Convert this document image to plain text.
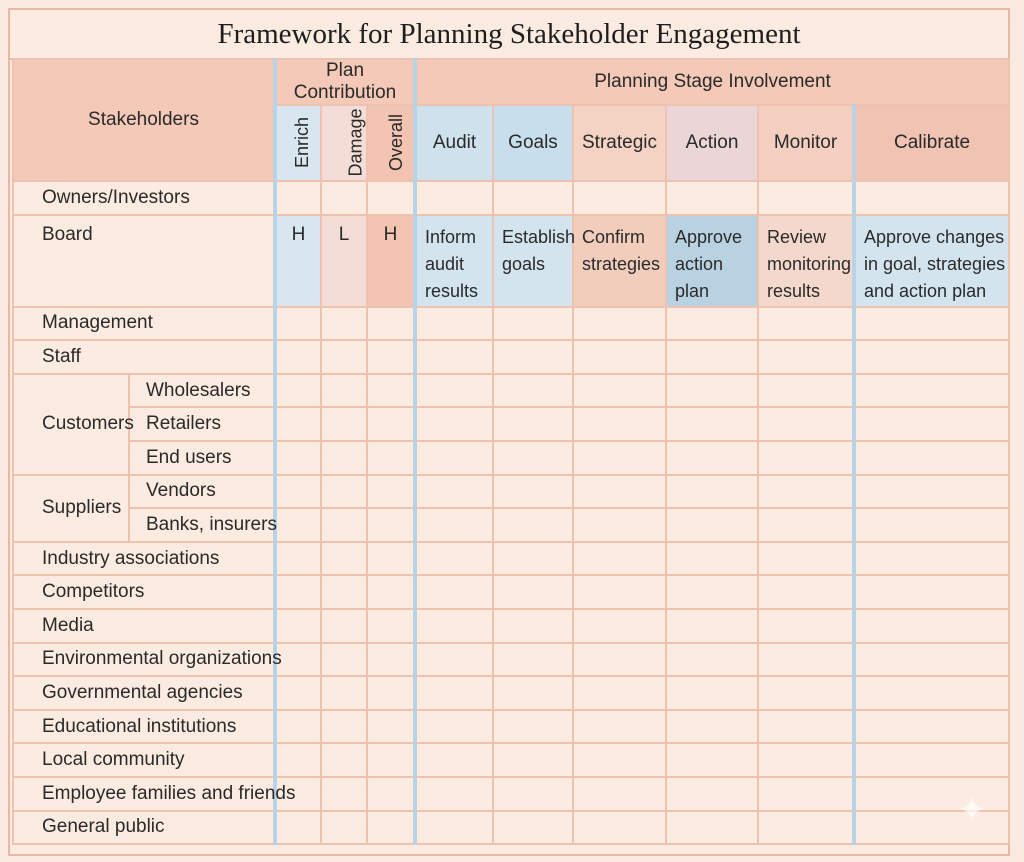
Framework for Planning Stakeholder Engagement
Stakeholders		Plan Contribution			Planning Stage Involvement					
		Enrich	Damage	Overall	Audit	Goals	Strategic	Action	Monitor	Calibrate
Owners/Investors										
Board		H	L	H	Inform audit results	Establish goals	Confirm strategies	Approve action plan	Review monitoring results	Approve changes in goal, strategies and action plan

Management										
Staff										
Customers	Wholesalers									
	Retailers									
	End users									
Suppliers	Vendors									
	Banks, insurers									
Industry associations										
Competitors										
Media										
Environmental organizations										
Governmental agencies										
Educational institutions										
Local community										
Employee families and friends										
General public											✦
